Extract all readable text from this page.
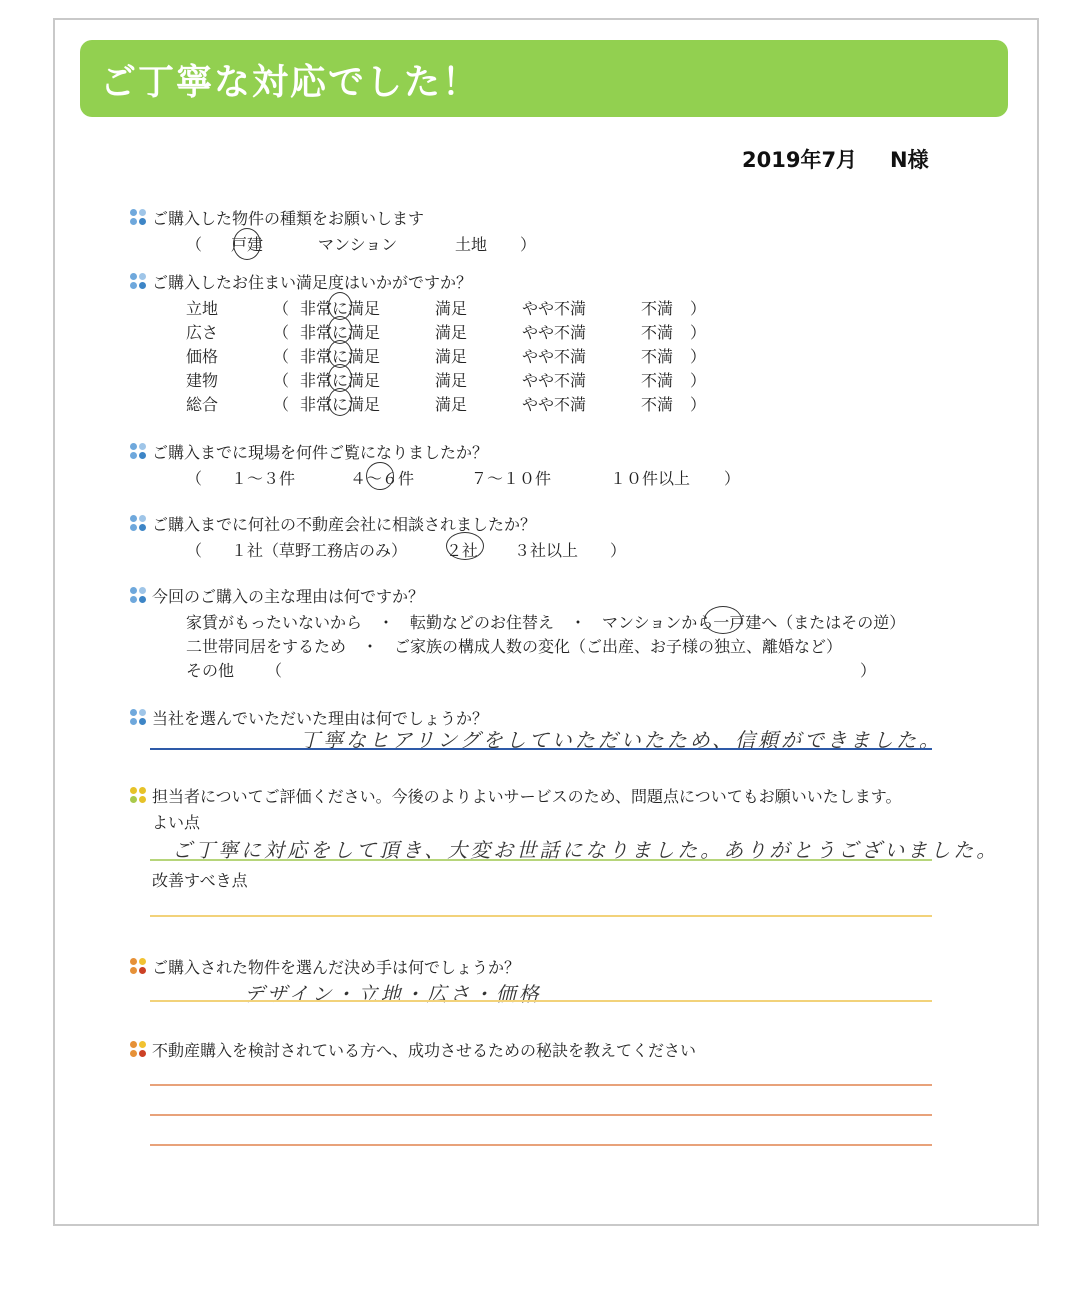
ご丁寧な対応でした！
2019年7月 N様
ご購入した物件の種類をお願いします
（ 戸建	マンション	土地 ）
ご購入したお住まい満足度はいかがですか？
立地	（ 非常に満足	満足	やや不満	不満 ）
広さ	（ 非常に満足	満足	やや不満	不満 ）
価格	（ 非常に満足	満足	やや不満	不満 ）
建物	（ 非常に満足	満足	やや不満	不満 ）
総合	（ 非常に満足	満足	やや不満	不満 ）
ご購入までに現場を何件ご覧になりましたか？
（ １～３件	４～６件	７～１０件	１０件以上 ）
ご購入までに何社の不動産会社に相談されましたか？
（ １社（草野工務店のみ） ２社 ３社以上 ）
今回のご購入の主な理由は何ですか？
家賃がもったいないから　・　転勤などのお住替え　・　マンションから一戸建へ（またはその逆）
二世帯同居をするため　・　ご家族の構成人数の変化（ご出産、お子様の独立、離婚など）
その他 （	）
当社を選んでいただいた理由は何でしょうか？
丁寧なヒアリングをしていただいたため、信頼ができました。
担当者についてご評価ください。今後のよりよいサービスのため、問題点についてもお願いいたします。
よい点
ご丁寧に対応をして頂き、大変お世話になりました。ありがとうございました。
改善すべき点
ご購入された物件を選んだ決め手は何でしょうか？
デザイン・立地・広さ・価格
不動産購入を検討されている方へ、成功させるための秘訣を教えてください
